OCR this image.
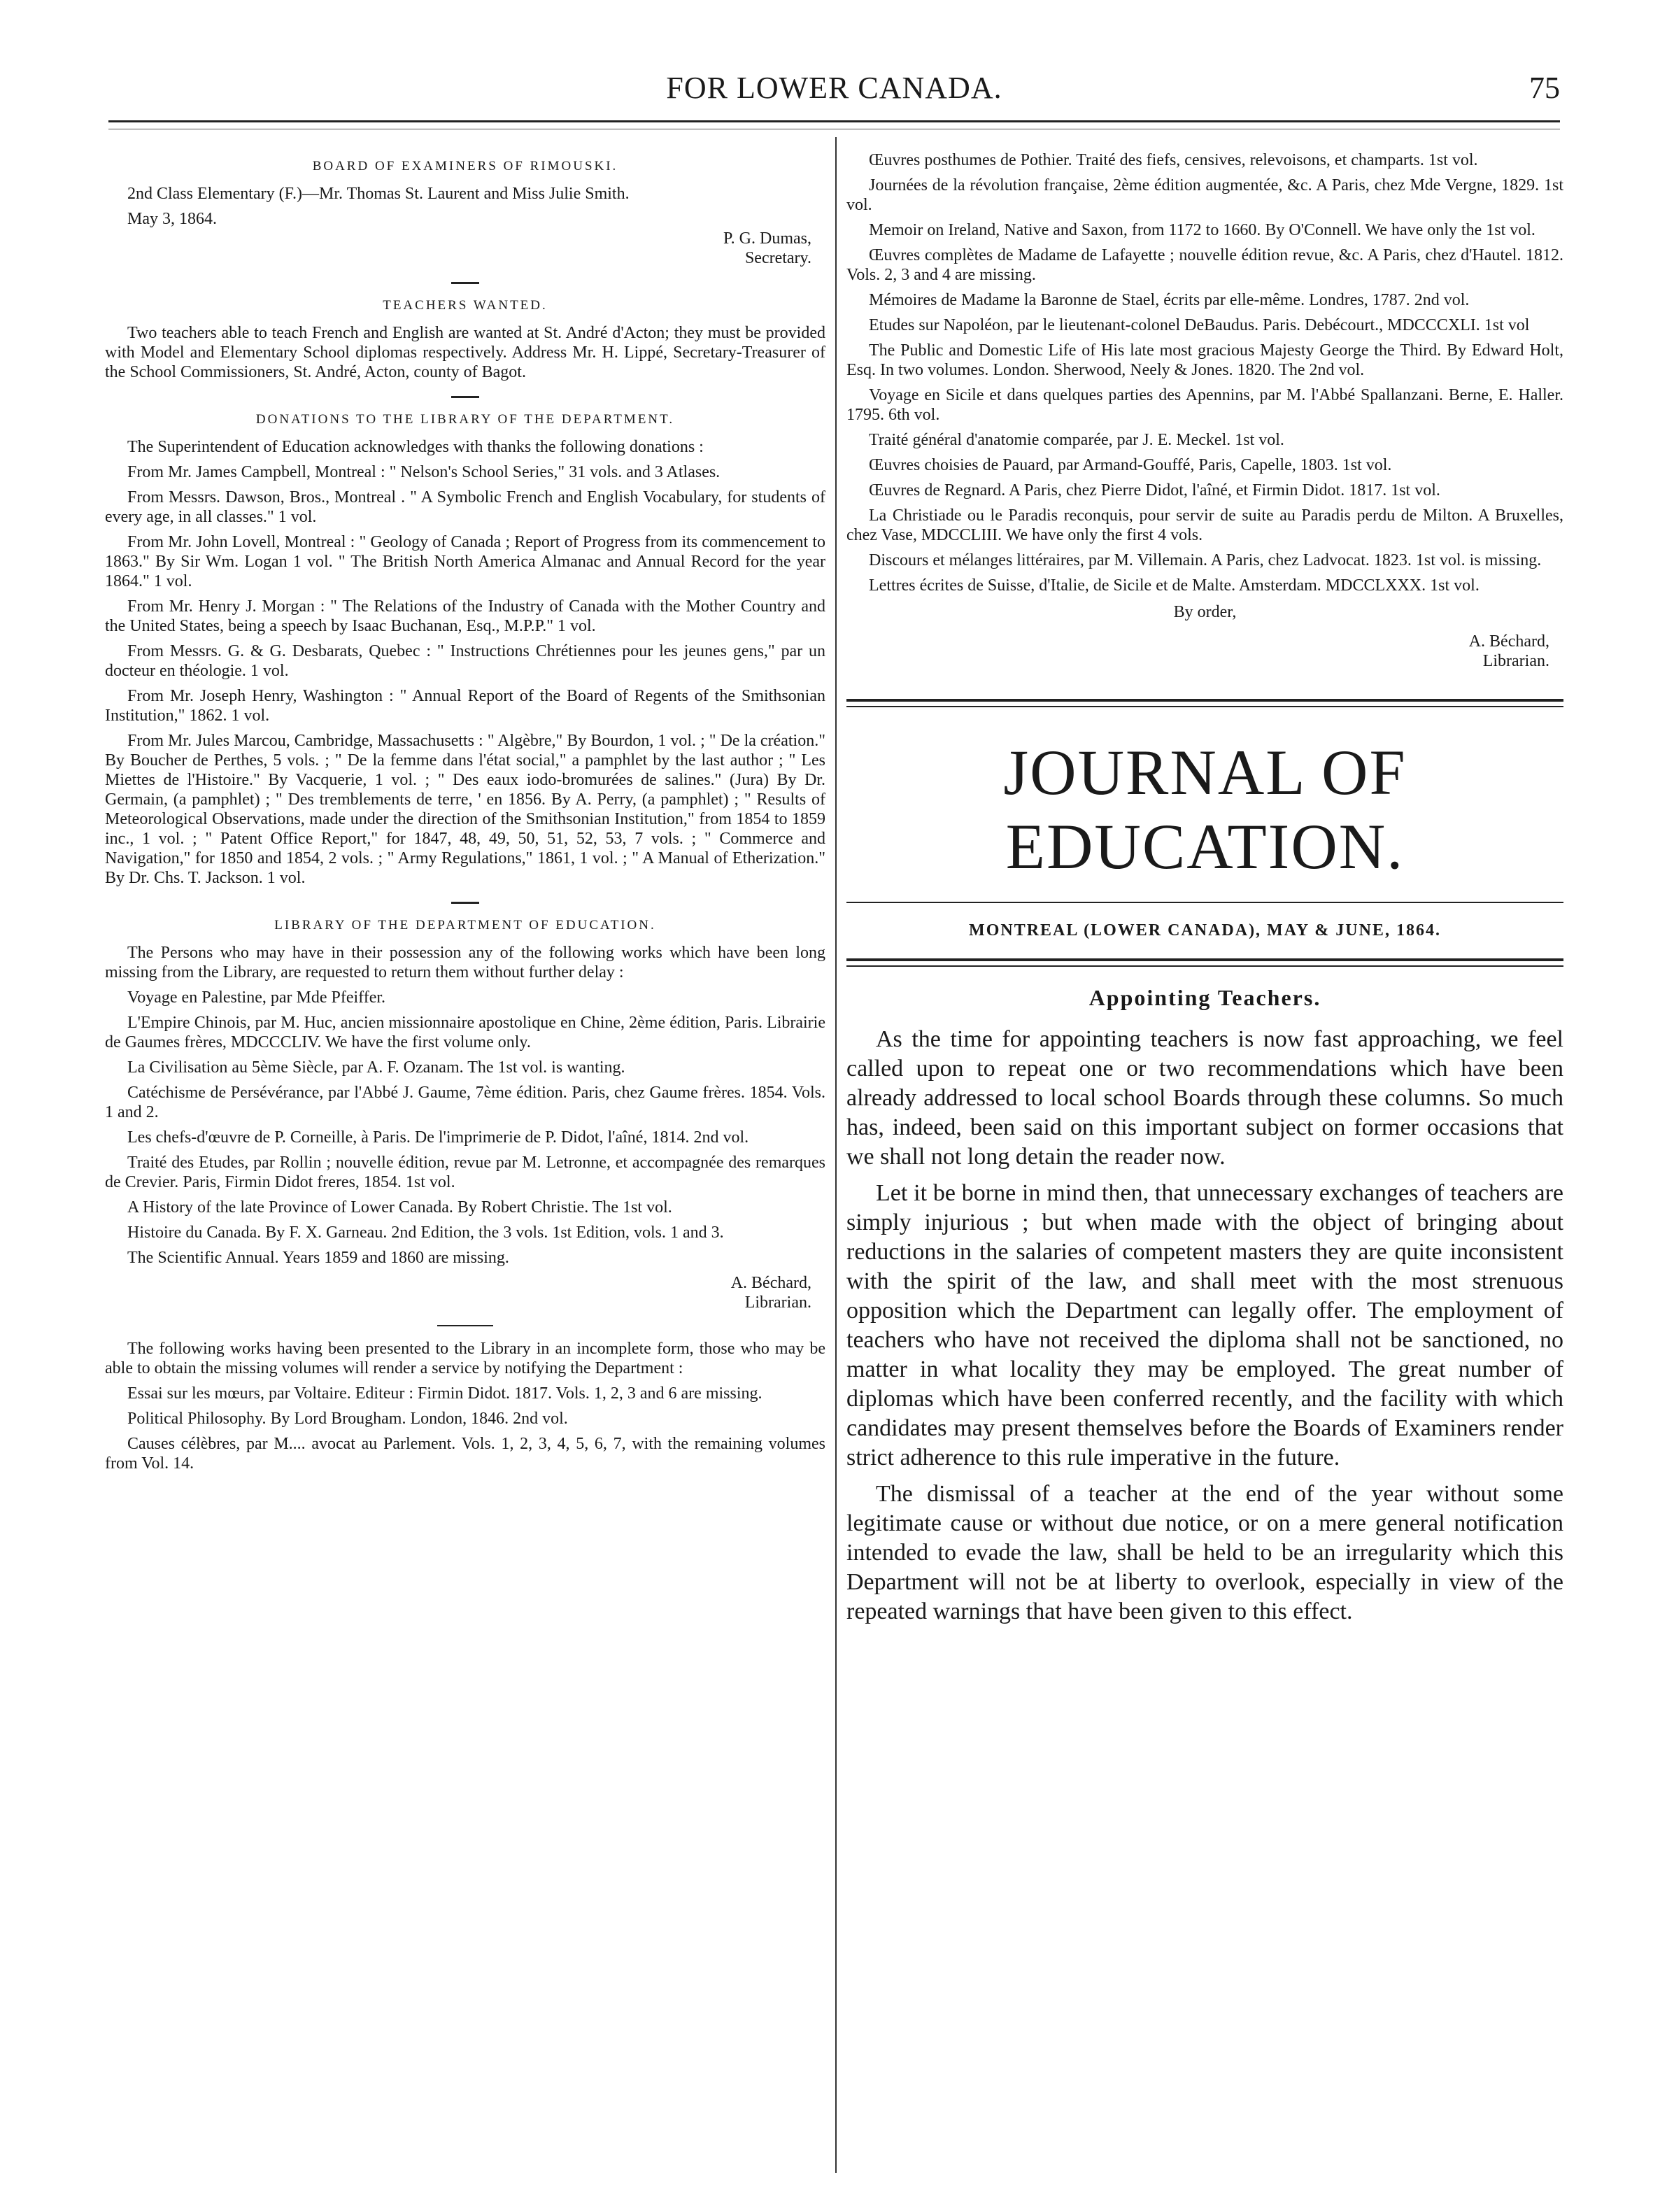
FOR LOWER CANADA.	75
BOARD OF EXAMINERS OF RIMOUSKI.

2nd Class Elementary (F.)—Mr. Thomas St. Laurent and Miss Julie Smith.

May 3, 1864.

P. G. Dumas,
Secretary.
TEACHERS WANTED.

Two teachers able to teach French and English are wanted at St. André d'Acton; they must be provided with Model and Elementary School diplomas respectively. Address Mr. H. Lippé, Secretary-Treasurer of the School Commissioners, St. André, Acton, county of Bagot.

DONATIONS TO THE LIBRARY OF THE DEPARTMENT.

The Superintendent of Education acknowledges with thanks the following donations :

From Mr. James Campbell, Montreal : " Nelson's School Series," 31 vols. and 3 Atlases.

From Messrs. Dawson, Bros., Montreal . " A Symbolic French and English Vocabulary, for students of every age, in all classes." 1 vol.

From Mr. John Lovell, Montreal : " Geology of Canada ; Report of Progress from its commencement to 1863." By Sir Wm. Logan 1 vol. " The British North America Almanac and Annual Record for the year 1864." 1 vol.

From Mr. Henry J. Morgan : " The Relations of the Industry of Canada with the Mother Country and the United States, being a speech by Isaac Buchanan, Esq., M.P.P." 1 vol.

From Messrs. G. & G. Desbarats, Quebec : " Instructions Chrétiennes pour les jeunes gens," par un docteur en théologie. 1 vol.

From Mr. Joseph Henry, Washington : " Annual Report of the Board of Regents of the Smithsonian Institution," 1862. 1 vol.

From Mr. Jules Marcou, Cambridge, Massachusetts : " Algèbre," By Bourdon, 1 vol. ; " De la création." By Boucher de Perthes, 5 vols. ; " De la femme dans l'état social," a pamphlet by the last author ; " Les Miettes de l'Histoire." By Vacquerie, 1 vol. ; " Des eaux iodo-bromurées de salines." (Jura) By Dr. Germain, (a pamphlet) ; " Des tremblements de terre, ' en 1856. By A. Perry, (a pamphlet) ; " Results of Meteorological Observations, made under the direction of the Smithsonian Institution," from 1854 to 1859 inc., 1 vol. ; " Patent Office Report," for 1847, 48, 49, 50, 51, 52, 53, 7 vols. ; " Commerce and Navigation," for 1850 and 1854, 2 vols. ; " Army Regulations," 1861, 1 vol. ; " A Manual of Etherization." By Dr. Chs. T. Jackson. 1 vol.

LIBRARY OF THE DEPARTMENT OF EDUCATION.

The Persons who may have in their possession any of the following works which have been long missing from the Library, are requested to return them without further delay :

Voyage en Palestine, par Mde Pfeiffer.

L'Empire Chinois, par M. Huc, ancien missionnaire apostolique en Chine, 2ème édition, Paris. Librairie de Gaumes frères, MDCCCLIV. We have the first volume only.

La Civilisation au 5ème Siècle, par A. F. Ozanam. The 1st vol. is wanting.

Catéchisme de Persévérance, par l'Abbé J. Gaume, 7ème édition. Paris, chez Gaume frères. 1854. Vols. 1 and 2.

Les chefs-d'œuvre de P. Corneille, à Paris. De l'imprimerie de P. Didot, l'aîné, 1814. 2nd vol.

Traité des Etudes, par Rollin ; nouvelle édition, revue par M. Letronne, et accompagnée des remarques de Crevier. Paris, Firmin Didot freres, 1854. 1st vol.

A History of the late Province of Lower Canada. By Robert Christie. The 1st vol.

Histoire du Canada. By F. X. Garneau. 2nd Edition, the 3 vols. 1st Edition, vols. 1 and 3.

The Scientific Annual. Years 1859 and 1860 are missing.

A. Béchard,
Librarian.

The following works having been presented to the Library in an incomplete form, those who may be able to obtain the missing volumes will render a service by notifying the Department :

Essai sur les mœurs, par Voltaire. Editeur : Firmin Didot. 1817. Vols. 1, 2, 3 and 6 are missing.

Political Philosophy. By Lord Brougham. London, 1846. 2nd vol.

Causes célèbres, par M.... avocat au Parlement. Vols. 1, 2, 3, 4, 5, 6, 7, with the remaining volumes from Vol. 14.

Œuvres posthumes de Pothier. Traité des fiefs, censives, relevoisons, et champarts. 1st vol.

Journées de la révolution française, 2ème édition augmentée, &c. A Paris, chez Mde Vergne, 1829. 1st vol.

Memoir on Ireland, Native and Saxon, from 1172 to 1660. By O'Connell. We have only the 1st vol.

Œuvres complètes de Madame de Lafayette ; nouvelle édition revue, &c. A Paris, chez d'Hautel. 1812. Vols. 2, 3 and 4 are missing.

Mémoires de Madame la Baronne de Stael, écrits par elle-même. Londres, 1787. 2nd vol.

Etudes sur Napoléon, par le lieutenant-colonel DeBaudus. Paris. Debécourt., MDCCCXLI. 1st vol

The Public and Domestic Life of His late most gracious Majesty George the Third. By Edward Holt, Esq. In two volumes. London. Sherwood, Neely & Jones. 1820. The 2nd vol.

Voyage en Sicile et dans quelques parties des Apennins, par M. l'Abbé Spallanzani. Berne, E. Haller. 1795. 6th vol.

Traité général d'anatomie comparée, par J. E. Meckel. 1st vol.

Œuvres choisies de Pauard, par Armand-Gouffé, Paris, Capelle, 1803. 1st vol.

Œuvres de Regnard. A Paris, chez Pierre Didot, l'aîné, et Firmin Didot. 1817. 1st vol.

La Christiade ou le Paradis reconquis, pour servir de suite au Paradis perdu de Milton. A Bruxelles, chez Vase, MDCCLIII. We have only the first 4 vols.

Discours et mélanges littéraires, par M. Villemain. A Paris, chez Ladvocat. 1823. 1st vol. is missing.

Lettres écrites de Suisse, d'Italie, de Sicile et de Malte. Amsterdam. MDCCLXXX. 1st vol.

By order,
A. Béchard,
Librarian.
JOURNAL OF EDUCATION.
MONTREAL (LOWER CANADA), MAY & JUNE, 1864.
Appointing Teachers.

As the time for appointing teachers is now fast approaching, we feel called upon to repeat one or two recommendations which have been already addressed to local school Boards through these columns. So much has, indeed, been said on this important subject on former occasions that we shall not long detain the reader now.

Let it be borne in mind then, that unnecessary exchanges of teachers are simply injurious ; but when made with the object of bringing about reductions in the salaries of competent masters they are quite inconsistent with the spirit of the law, and shall meet with the most strenuous opposition which the Department can legally offer. The employment of teachers who have not received the diploma shall not be sanctioned, no matter in what locality they may be employed. The great number of diplomas which have been conferred recently, and the facility with which candidates may present themselves before the Boards of Examiners render strict adherence to this rule imperative in the future.

The dismissal of a teacher at the end of the year without some legitimate cause or without due notice, or on a mere general notification intended to evade the law, shall be held to be an irregularity which this Department will not be at liberty to overlook, especially in view of the repeated warnings that have been given to this effect.
